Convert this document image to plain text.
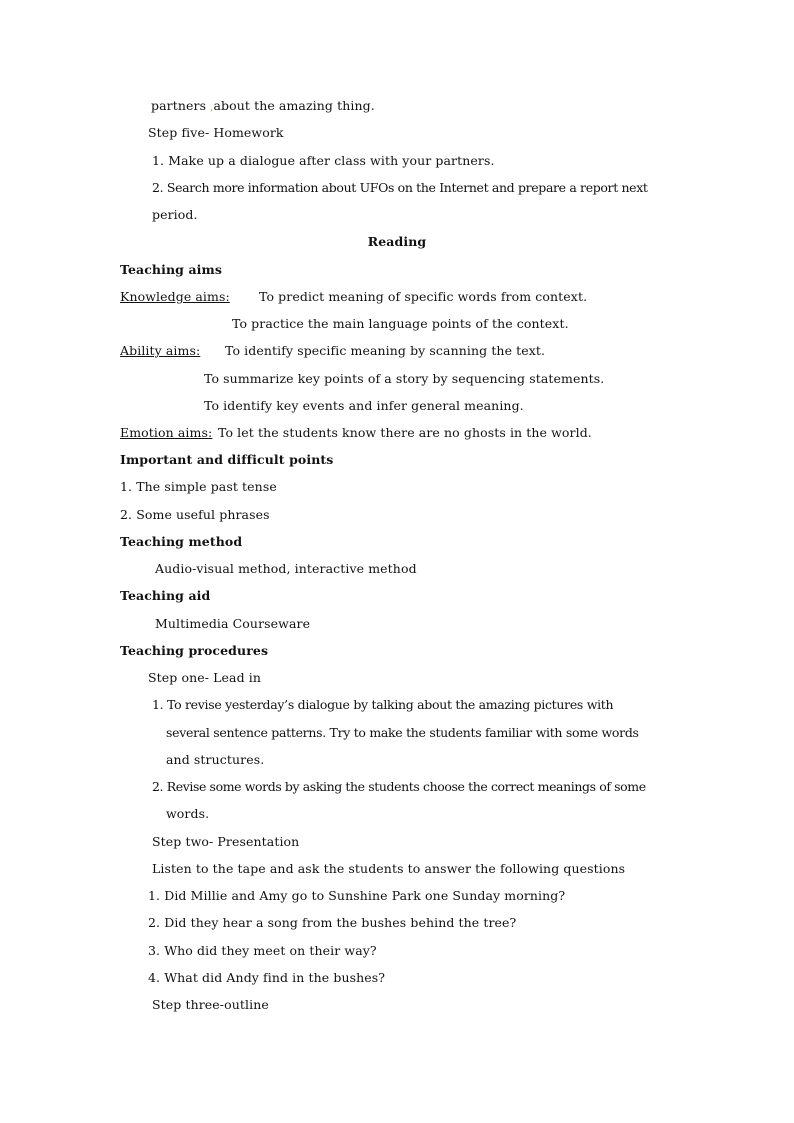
partners ,about the amazing thing.
Step five- Homework
1. Make up a dialogue after class with your partners.
2. Search more information about UFOs on the Internet and prepare a report next
period.
Reading
Teaching aims
Knowledge aims: To predict meaning of specific words from context.
To practice the main language points of the context.
Ability aims: To identify specific meaning by scanning the text.
To summarize key points of a story by sequencing statements.
To identify key events and infer general meaning.
Emotion aims: To let the students know there are no ghosts in the world.
Important and difficult points
1. The simple past tense
2. Some useful phrases
Teaching method
Audio-visual method, interactive method
Teaching aid
Multimedia Courseware
Teaching procedures
Step one- Lead in
1. To revise yesterday’s dialogue by talking about the amazing pictures with
several sentence patterns. Try to make the students familiar with some words
and structures.
2. Revise some words by asking the students choose the correct meanings of some
words.
Step two- Presentation
Listen to the tape and ask the students to answer the following questions
1. Did Millie and Amy go to Sunshine Park one Sunday morning?
2. Did they hear a song from the bushes behind the tree?
3. Who did they meet on their way?
4. What did Andy find in the bushes?
Step three-outline
